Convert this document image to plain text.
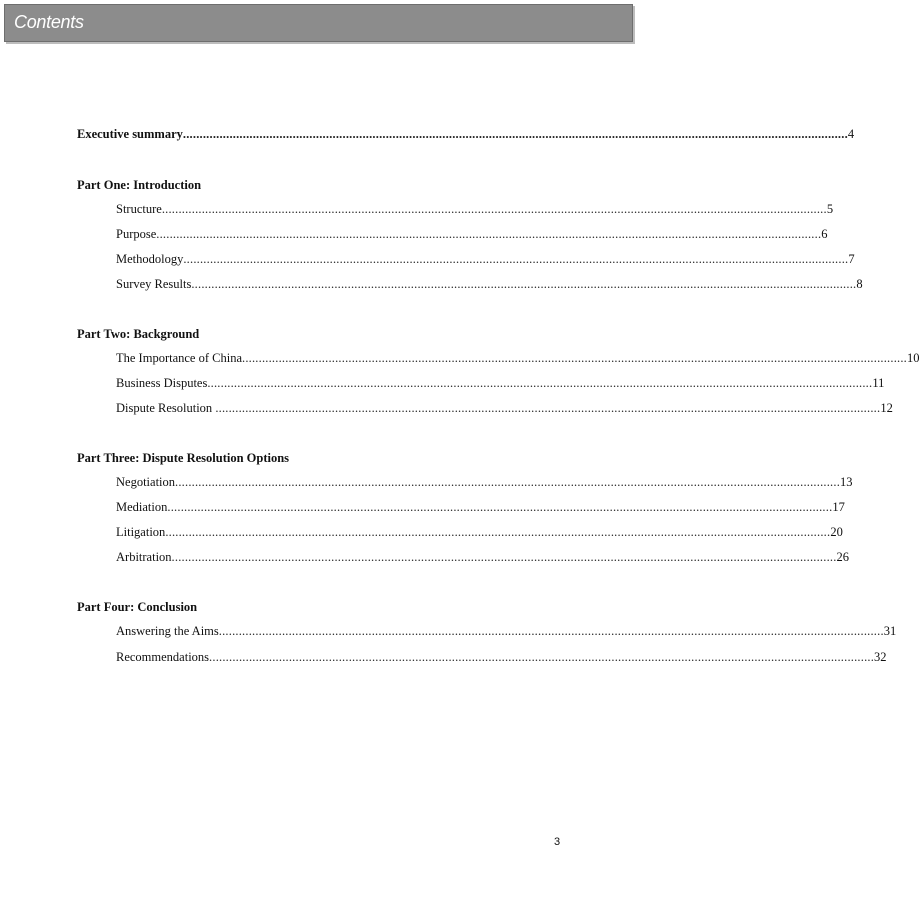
Contents
Executive summary ........................................................................................................................................................................................................ 4
Part One: Introduction
Structure ........................................................................................................................................................................................................ 5
Purpose ........................................................................................................................................................................................................ 6
Methodology ........................................................................................................................................................................................................ 7
Survey Results ........................................................................................................................................................................................................ 8
Part Two: Background
The Importance of China ........................................................................................................................................................................................................ 10
Business Disputes ........................................................................................................................................................................................................ 11
Dispute Resolution ........................................................................................................................................................................................................ 12
Part Three: Dispute Resolution Options
Negotiation ........................................................................................................................................................................................................ 13
Mediation ........................................................................................................................................................................................................ 17
Litigation ........................................................................................................................................................................................................ 20
Arbitration ........................................................................................................................................................................................................ 26
Part Four: Conclusion
Answering the Aims ........................................................................................................................................................................................................ 31
Recommendations ........................................................................................................................................................................................................ 32
3
